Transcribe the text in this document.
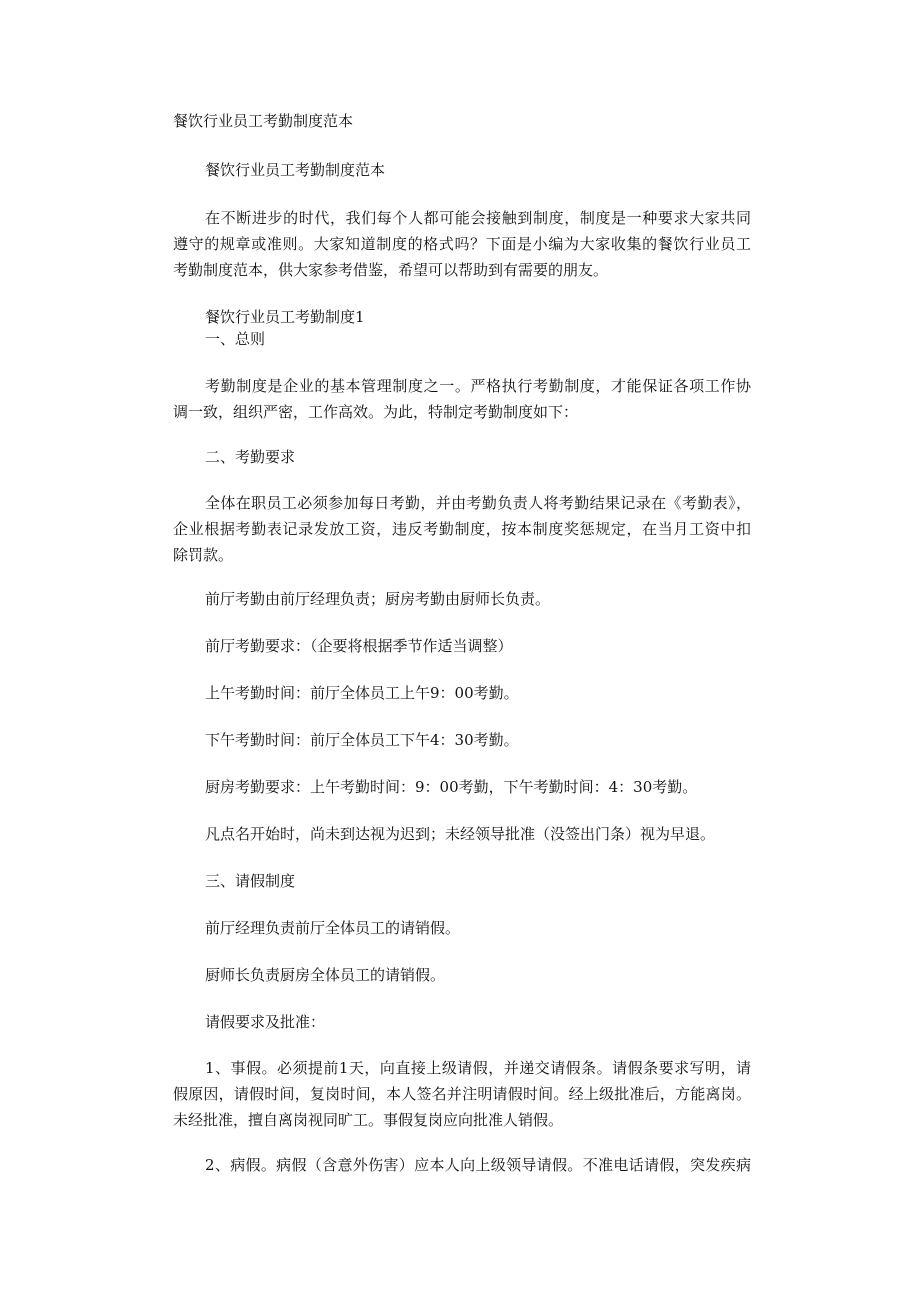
餐饮行业员工考勤制度范本
餐饮行业员工考勤制度范本
在不断进步的时代，我们每个人都可能会接触到制度，制度是一种要求大家共同
遵守的规章或准则。大家知道制度的格式吗？下面是小编为大家收集的餐饮行业员工
考勤制度范本，供大家参考借鉴，希望可以帮助到有需要的朋友。
餐饮行业员工考勤制度1
一、总则
考勤制度是企业的基本管理制度之一。严格执行考勤制度，才能保证各项工作协
调一致，组织严密，工作高效。为此，特制定考勤制度如下：
二、考勤要求
全体在职员工必须参加每日考勤，并由考勤负责人将考勤结果记录在《考勤表》，
企业根据考勤表记录发放工资，违反考勤制度，按本制度奖惩规定，在当月工资中扣
除罚款。
前厅考勤由前厅经理负责；厨房考勤由厨师长负责。
前厅考勤要求：（企要将根据季节作适当调整）
上午考勤时间：前厅全体员工上午9：00考勤。
下午考勤时间：前厅全体员工下午4：30考勤。
厨房考勤要求：上午考勤时间：9：00考勤，下午考勤时间：4：30考勤。
凡点名开始时，尚未到达视为迟到；未经领导批准（没签出门条）视为早退。
三、请假制度
前厅经理负责前厅全体员工的请销假。
厨师长负责厨房全体员工的请销假。
请假要求及批准：
1、事假。必须提前1天，向直接上级请假，并递交请假条。请假条要求写明，请
假原因，请假时间，复岗时间，本人签名并注明请假时间。经上级批准后，方能离岗。
未经批准，擅自离岗视同旷工。事假复岗应向批准人销假。
2、病假。病假（含意外伤害）应本人向上级领导请假。不准电话请假，突发疾病
